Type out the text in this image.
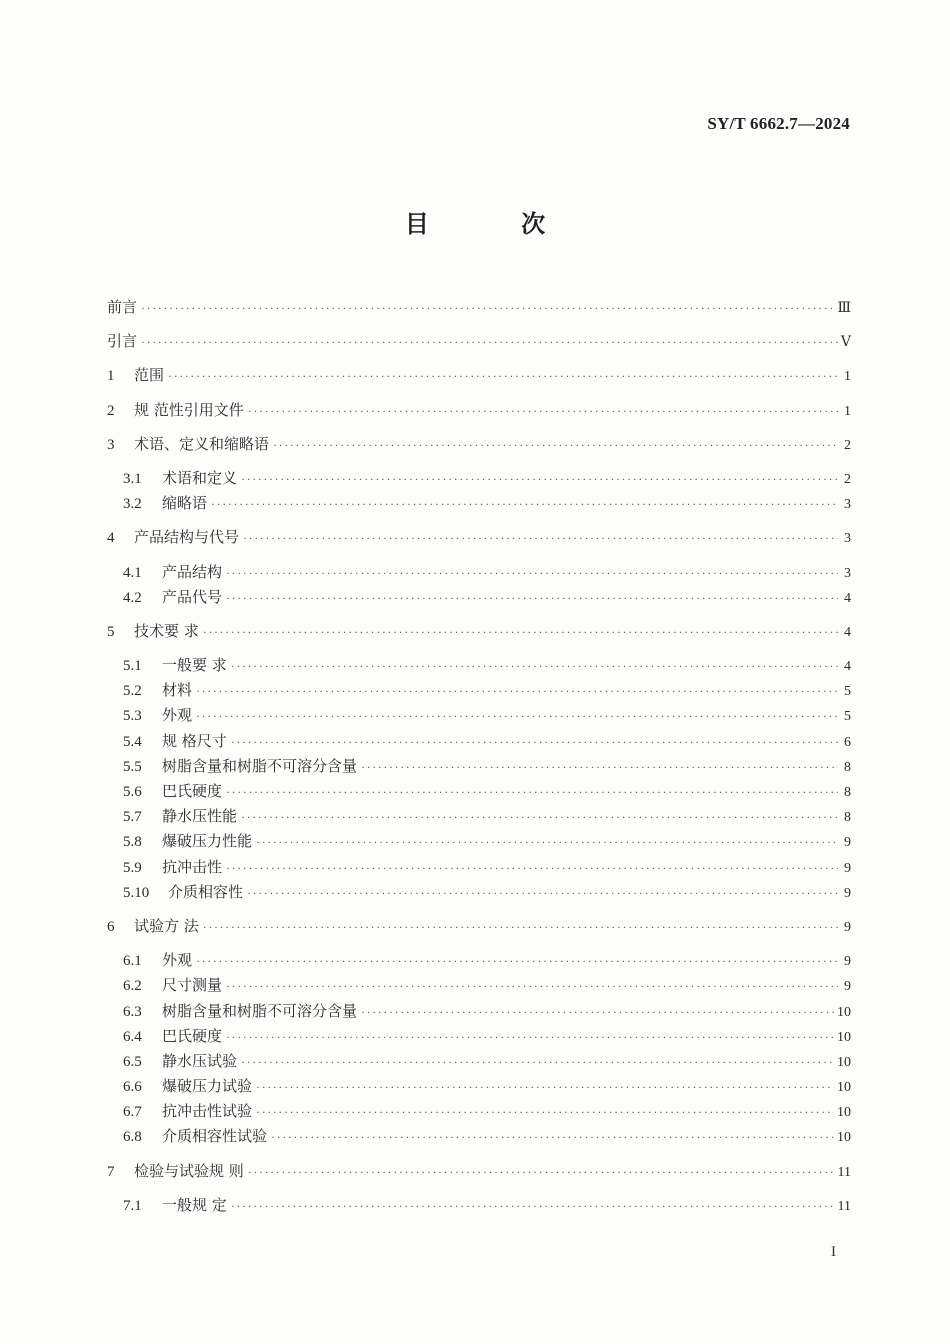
SY/T 6662.7—2024
目 次
前言 ·····	Ⅲ
引言 ·····	Ⅴ
1	范围 ·····	1
2	规 范性引用文件 ·····	1
3	术语、定义和缩略语 ·····	2
3.1	术语和定义 ·····	2
3.2	缩略语 ·····	3
4	产品结构与代号 ·····	3
4.1	产品结构 ·····	3
4.2	产品代号 ·····	4
5	技术要 求 ·····	4
5.1	一般要 求 ·····	4
5.2	材料 ·····	5
5.3	外观 ·····	5
5.4	规 格尺寸 ·····	6
5.5	树脂含量和树脂不可溶分含量 ·····	8
5.6	巴氏硬度 ·····	8
5.7	静水压性能 ·····	8
5.8	爆破压力性能 ·····	9
5.9	抗冲击性 ·····	9
5.10	介质相容性 ·····	9
6	试验方 法 ·····	9
6.1	外观 ·····	9
6.2	尺寸测量 ·····	9
6.3	树脂含量和树脂不可溶分含量 ·····	10
6.4	巴氏硬度 ·····	10
6.5	静水压试验 ·····	10
6.6	爆破压力试验 ·····	10
6.7	抗冲击性试验 ·····	10
6.8	介质相容性试验 ·····	10
7	检验与试验规 则 ·····	11
7.1	一般规 定 ·····	11
I
